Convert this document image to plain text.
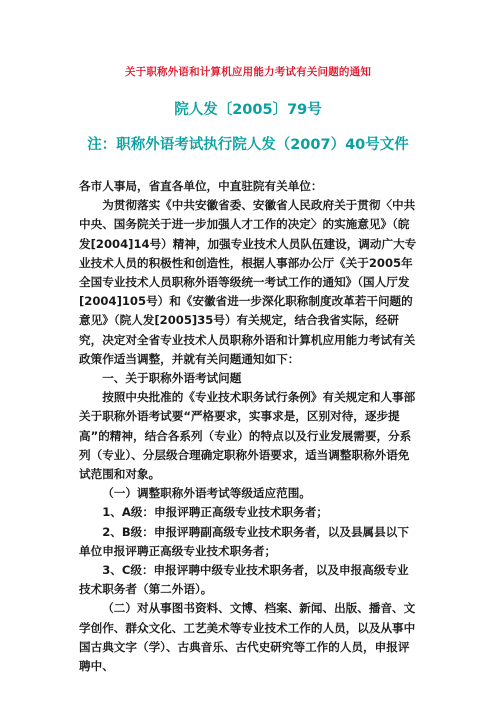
关于职称外语和计算机应用能力考试有关问题的通知
院人发〔2005〕79号
注：职称外语考试执行院人发（2007）40号文件

各市人事局，省直各单位，中直驻院有关单位：

为贯彻落实《中共安徽省委、安徽省人民政府关于贯彻〈中共中央、国务院关于进一步加强人才工作的决定〉的实施意见》（皖发[2004]14号）精神，加强专业技术人员队伍建设，调动广大专业技术人员的积极性和创造性，根据人事部办公厅《关于2005年全国专业技术人员职称外语等级统一考试工作的通知》（国人厅发[2004]105号）和《安徽省进一步深化职称制度改革若干问题的意见》（院人发[2005]35号）有关规定，结合我省实际，经研究，决定对全省专业技术人员职称外语和计算机应用能力考试有关政策作适当调整，并就有关问题通知如下：

一、关于职称外语考试问题

按照中央批准的《专业技术职务试行条例》有关规定和人事部关于职称外语考试要“严格要求，实事求是，区别对待，逐步提高”的精神，结合各系列（专业）的特点以及行业发展需要，分系列（专业）、分层级合理确定职称外语要求，适当调整职称外语免试范围和对象。

（一）调整职称外语考试等级适应范围。

1、A级：申报评聘正高级专业技术职务者；

2、B级：申报评聘副高级专业技术职务者，以及县属县以下单位申报评聘正高级专业技术职务者；

3、C级：申报评聘中级专业技术职务者，以及申报高级专业技术职务者（第二外语）。

（二）对从事图书资料、文博、档案、新闻、出版、播音、文学创作、群众文化、工艺美术等专业技术工作的人员，以及从事中国古典文字（学）、古典音乐、古代史研究等工作的人员，申报评聘中、
